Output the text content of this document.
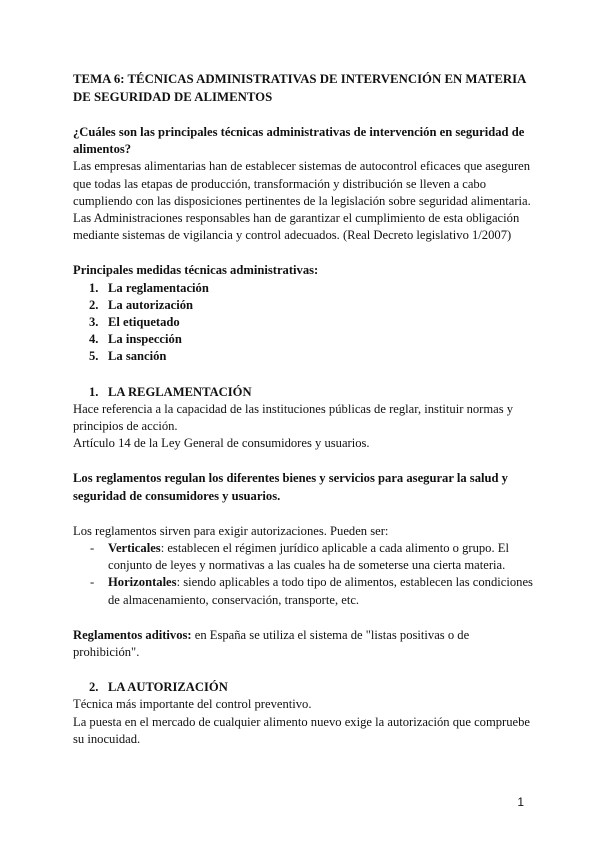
TEMA 6: TÉCNICAS ADMINISTRATIVAS DE INTERVENCIÓN EN MATERIA DE SEGURIDAD DE ALIMENTOS

¿Cuáles son las principales técnicas administrativas de intervención en seguridad de alimentos?

Las empresas alimentarias han de establecer sistemas de autocontrol eficaces que aseguren que todas las etapas de producción, transformación y distribución se lleven a cabo cumpliendo con las disposiciones pertinentes de la legislación sobre seguridad alimentaria.

Las Administraciones responsables han de garantizar el cumplimiento de esta obligación mediante sistemas de vigilancia y control adecuados. (Real Decreto legislativo 1/2007)

Principales medidas técnicas administrativas:

1. La reglamentación
2. La autorización
3. El etiquetado
4. La inspección
5. La sanción
1. LA REGLAMENTACIÓN

Hace referencia a la capacidad de las instituciones públicas de reglar, instituir normas y principios de acción.

Artículo 14 de la Ley General de consumidores y usuarios.

Los reglamentos regulan los diferentes bienes y servicios para asegurar la salud y seguridad de consumidores y usuarios.

Los reglamentos sirven para exigir autorizaciones. Pueden ser:

- Verticales: establecen el régimen jurídico aplicable a cada alimento o grupo. El conjunto de leyes y normativas a las cuales ha de someterse una cierta materia.
- Horizontales: siendo aplicables a todo tipo de alimentos, establecen las condiciones de almacenamiento, conservación, transporte, etc.

Reglamentos aditivos: en España se utiliza el sistema de "listas positivas o de prohibición".

2. LA AUTORIZACIÓN

Técnica más importante del control preventivo.

La puesta en el mercado de cualquier alimento nuevo exige la autorización que compruebe su inocuidad.

1
